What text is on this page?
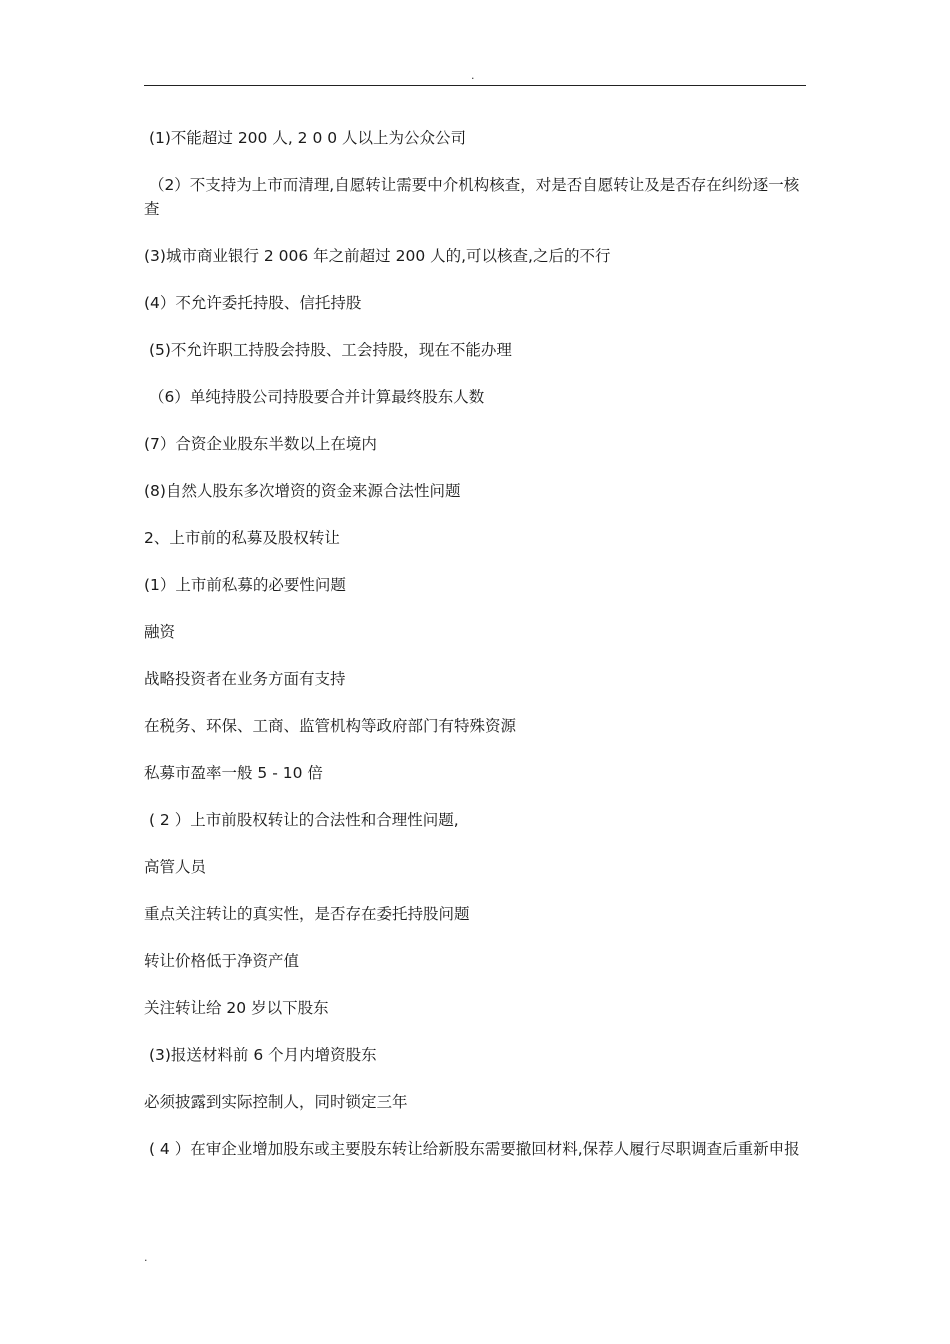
.

(1)不能超过 200 人, 2 0 0 人以上为公众公司

（2）不支持为上市而清理,自愿转让需要中介机构核查，对是否自愿转让及是否存在纠纷逐一核查

(3)城市商业银行 2 006 年之前超过 200 人的,可以核查,之后的不行

(4）不允许委托持股、信托持股

(5)不允许职工持股会持股、工会持股，现在不能办理

（6）单纯持股公司持股要合并计算最终股东人数

(7）合资企业股东半数以上在境内

(8)自然人股东多次增资的资金来源合法性问题

2、上市前的私募及股权转让

(1）上市前私募的必要性问题

融资

战略投资者在业务方面有支持

在税务、环保、工商、监管机构等政府部门有特殊资源

私募市盈率一般 5 - 10 倍

( 2 ）上市前股权转让的合法性和合理性问题,

高管人员

重点关注转让的真实性，是否存在委托持股问题

转让价格低于净资产值

关注转让给 20 岁以下股东

(3)报送材料前 6 个月内增资股东

必须披露到实际控制人，同时锁定三年

( 4 ）在审企业增加股东或主要股东转让给新股东需要撤回材料,保荐人履行尽职调查后重新申报

.
